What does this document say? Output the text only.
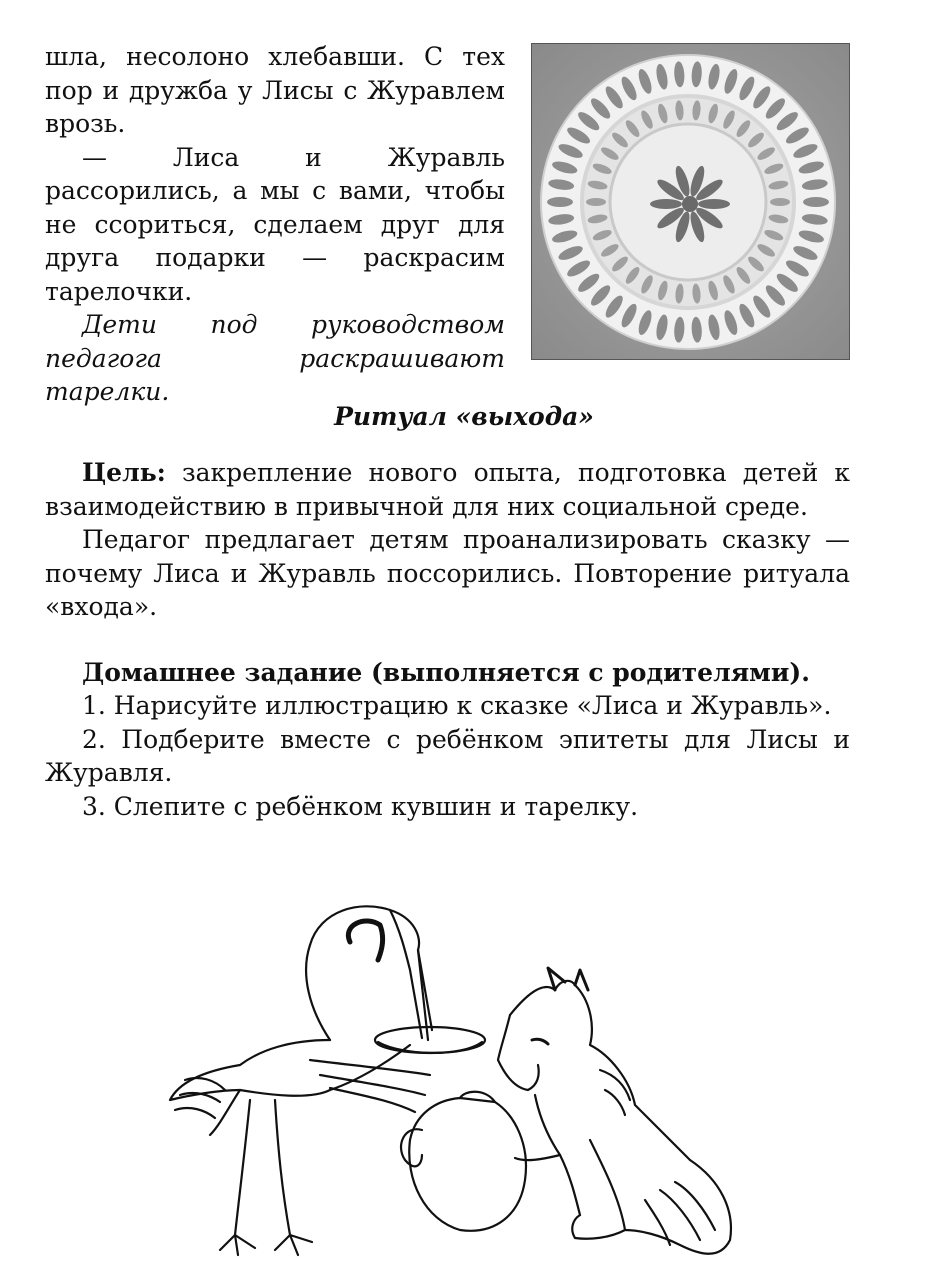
шла, несолоно хлебавши. С тех пор и дружба у Лисы с Журавлем врозь.

— Лиса и Журавль рассорились, а мы с вами, чтобы не ссориться, сделаем друг для друга подарки — раскрасим тарелочки.

Дети под руководством педагога раскрашивают тарелки.

Ритуал «выхода»

Цель: закрепление нового опыта, подготовка детей к взаимодействию в привычной для них социальной среде.

Педагог предлагает детям проанализировать сказку — почему Лиса и Журавль поссорились. Повторение ритуала «входа».

Домашнее задание (выполняется с родителями).

1. Нарисуйте иллюстрацию к сказке «Лиса и Журавль».

2. Подберите вместе с ребёнком эпитеты для Лисы и Журавля.

3. Слепите с ребёнком кувшин и тарелку.
